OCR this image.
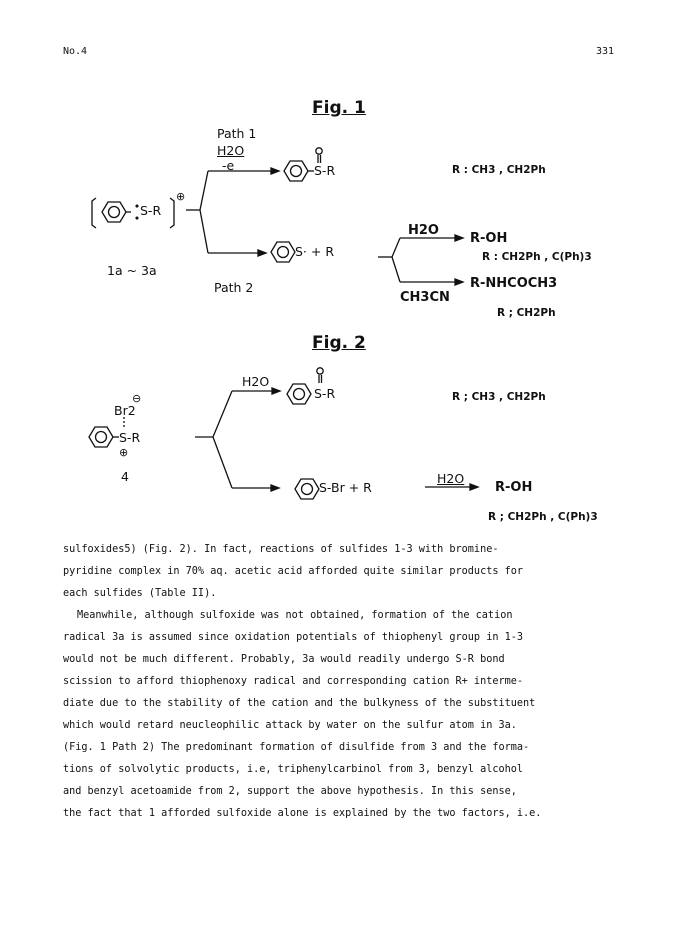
No.4	331
Fig. 1
Path 1
H2O
-e
S-R
⊕
1a ~ 3a
S-R	R : CH3 , CH2Ph
Path 2
S· + R
H2O
R-OH
R : CH2Ph , C(Ph)3
CH3CN
R-NHCOCH3
R ; CH2Ph
Fig. 2
H2O
S-R	R ; CH3 , CH2Ph
Br2
⊖
S-R
⊕
4
S-Br + R
H2O
R-OH
R ; CH2Ph , C(Ph)3

sulfoxides5) (Fig. 2). In fact, reactions of sulfides 1-3 with bromine-

pyridine complex in 70% aq. acetic acid afforded quite similar products for

each sulfides (Table II).

Meanwhile, although sulfoxide was not obtained, formation of the cation

radical 3a is assumed since oxidation potentials of thiophenyl group in 1-3

would not be much different. Probably, 3a would readily undergo S-R bond

scission to afford thiophenoxy radical and corresponding cation R+ interme-

diate due to the stability of the cation and the bulkyness of the substituent

which would retard neucleophilic attack by water on the sulfur atom in 3a.

(Fig. 1 Path 2) The predominant formation of disulfide from 3 and the forma-

tions of solvolytic products, i.e, triphenylcarbinol from 3, benzyl alcohol

and benzyl acetoamide from 2, support the above hypothesis. In this sense,

the fact that 1 afforded sulfoxide alone is explained by the two factors, i.e.
